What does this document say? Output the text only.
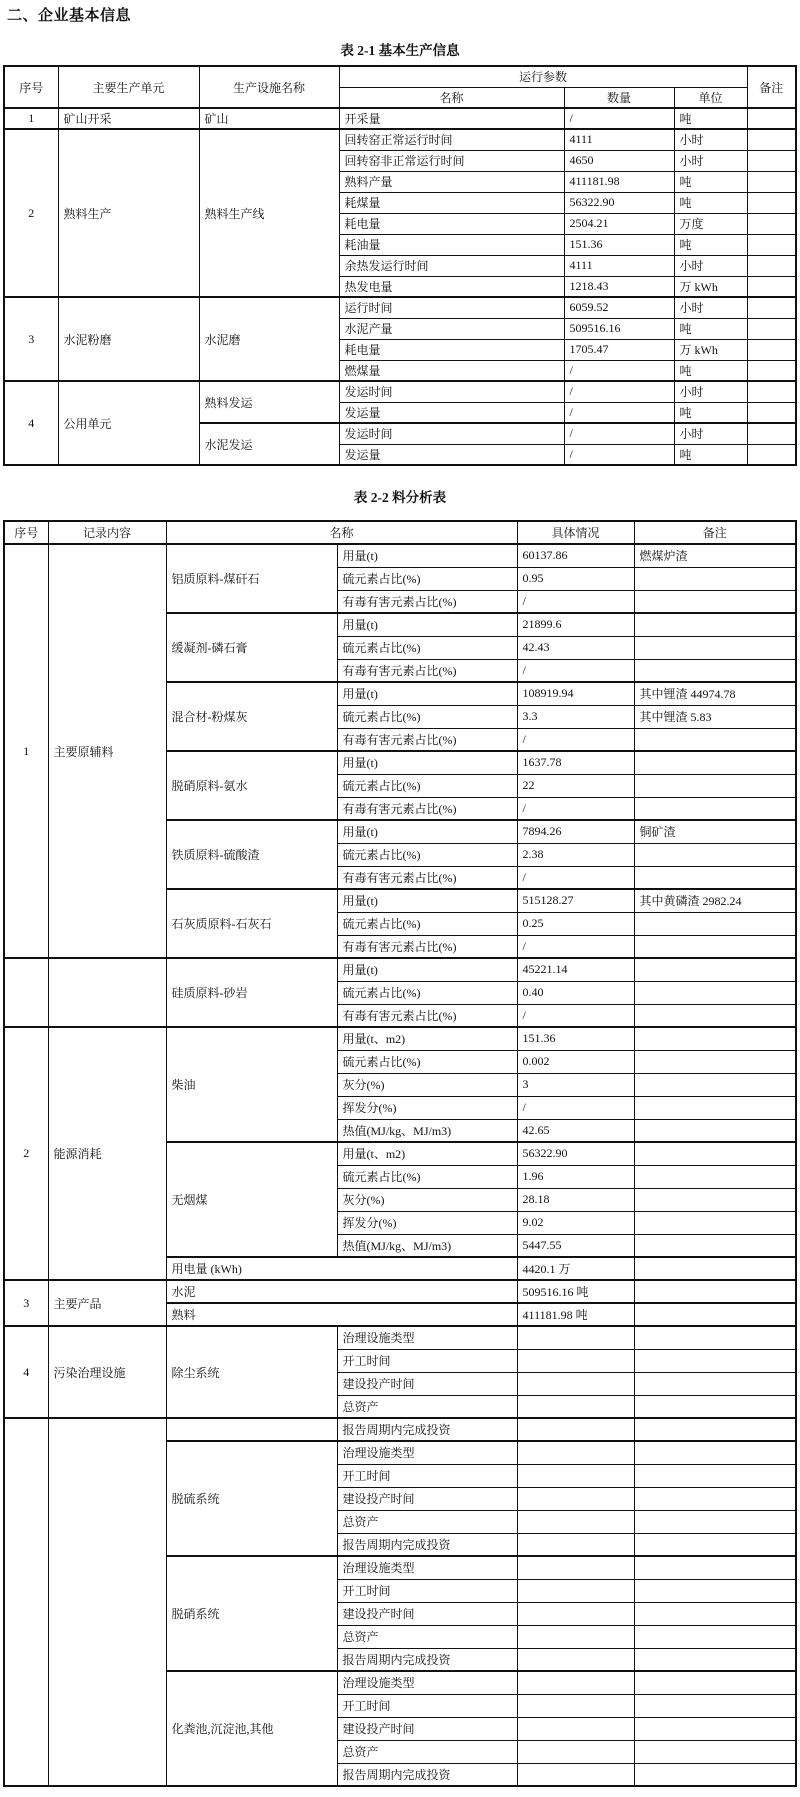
二、企业基本信息
表 2-1 基本生产信息
序号	主要生产单元	生产设施名称	运行参数			备注
			名称	数量	单位	
1	矿山开采	矿山	开采量	/	吨	
2	熟料生产	熟料生产线	回转窑正常运行时间	4111	小时	
			回转窑非正常运行时间	4650	小时	
			熟料产量	411181.98	吨	
			耗煤量	56322.90	吨	
			耗电量	2504.21	万度	
			耗油量	151.36	吨	
			余热发运行时间	4111	小时	
			热发电量	1218.43	万 kWh	
3	水泥粉磨	水泥磨	运行时间	6059.52	小时	
			水泥产量	509516.16	吨	
			耗电量	1705.47	万 kWh	
			燃煤量	/	吨	
4	公用单元	熟料发运	发运时间	/	小时	
			发运量	/	吨	
		水泥发运	发运时间	/	小时	
			发运量	/	吨	
表 2-2 料分析表
序号	记录内容	名称		具体情况	备注
1	主要原辅料	铝质原料-煤矸石	用量(t)	60137.86	燃煤炉渣
			硫元素占比(%)	0.95	
			有毒有害元素占比(%)	/	
		缓凝剂-磷石膏	用量(t)	21899.6	
			硫元素占比(%)	42.43	
			有毒有害元素占比(%)	/	
		混合材-粉煤灰	用量(t)	108919.94	其中锂渣 44974.78
			硫元素占比(%)	3.3	其中锂渣 5.83
			有毒有害元素占比(%)	/	
		脱硝原料-氨水	用量(t)	1637.78	
			硫元素占比(%)	22	
			有毒有害元素占比(%)	/	
		铁质原料-硫酸渣	用量(t)	7894.26	铜矿渣
			硫元素占比(%)	2.38	
			有毒有害元素占比(%)	/	
		石灰质原料-石灰石	用量(t)	515128.27	其中黄磷渣 2982.24
			硫元素占比(%)	0.25	
			有毒有害元素占比(%)	/	
		硅质原料-砂岩	用量(t)	45221.14	
			硫元素占比(%)	0.40	
			有毒有害元素占比(%)	/	
2	能源消耗	柴油	用量(t、m2)	151.36	
			硫元素占比(%)	0.002	
			灰分(%)	3	
			挥发分(%)	/	
			热值(MJ/kg、MJ/m3)	42.65	
		无烟煤	用量(t、m2)	56322.90	
			硫元素占比(%)	1.96	
			灰分(%)	28.18	
			挥发分(%)	9.02	
			热值(MJ/kg、MJ/m3)	5447.55	
		用电量 (kWh)		4420.1 万	
3	主要产品	水泥		509516.16 吨	
		熟料		411181.98 吨	
4	污染治理设施	除尘系统	治理设施类型		
			开工时间		
			建设投产时间		
			总资产		
			报告周期内完成投资		
		脱硫系统	治理设施类型		
			开工时间		
			建设投产时间		
			总资产		
			报告周期内完成投资		
		脱硝系统	治理设施类型		
			开工时间		
			建设投产时间		
			总资产		
			报告周期内完成投资		
		化粪池,沉淀池,其他	治理设施类型		
			开工时间		
			建设投产时间		
			总资产		
			报告周期内完成投资		
